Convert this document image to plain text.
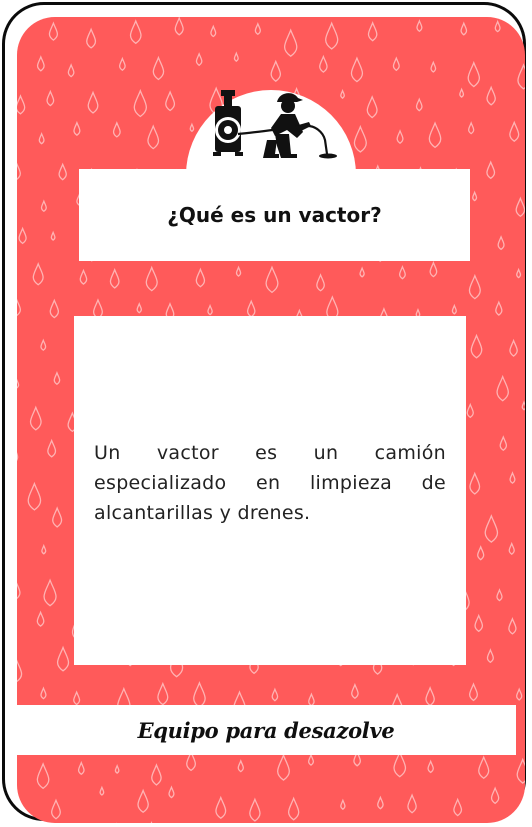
¿Qué es un vactor?
Un vactor es un camión especializado en limpieza de alcantarillas y drenes.
Equipo para desazolve
